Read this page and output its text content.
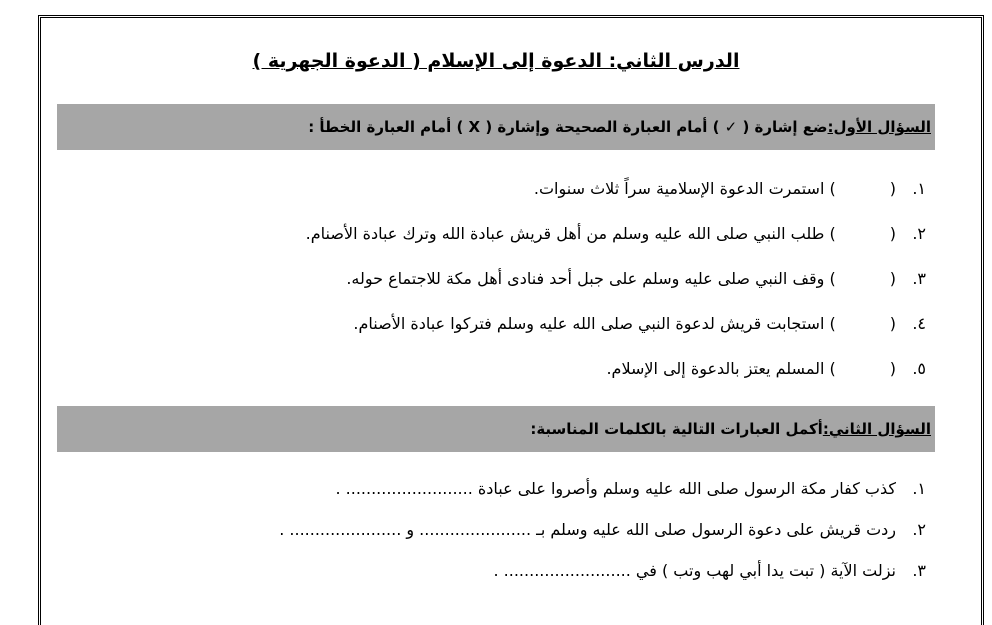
الدرس الثاني: الدعوة إلى الإسلام ( الدعوة الجهرية )
السؤال الأول:
ضع إشارة ( ✓ ) أمام العبارة الصحيحة وإشارة ( X ) أمام العبارة الخطأ :
١.
(
)

استمرت الدعوة الإسلامية سراً ثلاث سنوات.
٢.
(
)

طلب النبي صلى الله عليه وسلم من أهل قريش عبادة الله وترك عبادة الأصنام.
٣.
(
)

وقف النبي صلى عليه وسلم على جبل أحد فنادى أهل مكة للاجتماع حوله.
٤.
(
)

استجابت قريش لدعوة النبي صلى الله عليه وسلم فتركوا عبادة الأصنام.
٥.
(
)

المسلم يعتز بالدعوة إلى الإسلام.
السؤال الثاني:
أكمل العبارات التالية بالكلمات المناسبة:
١.
كذب كفار مكة الرسول صلى الله عليه وسلم وأصروا على عبادة ......................... .
٢.
ردت قريش على دعوة الرسول صلى الله عليه وسلم بـ ...................... و ...................... .
٣.
نزلت الآية ( تبت يدا أبي لهب وتب ) في ......................... .
